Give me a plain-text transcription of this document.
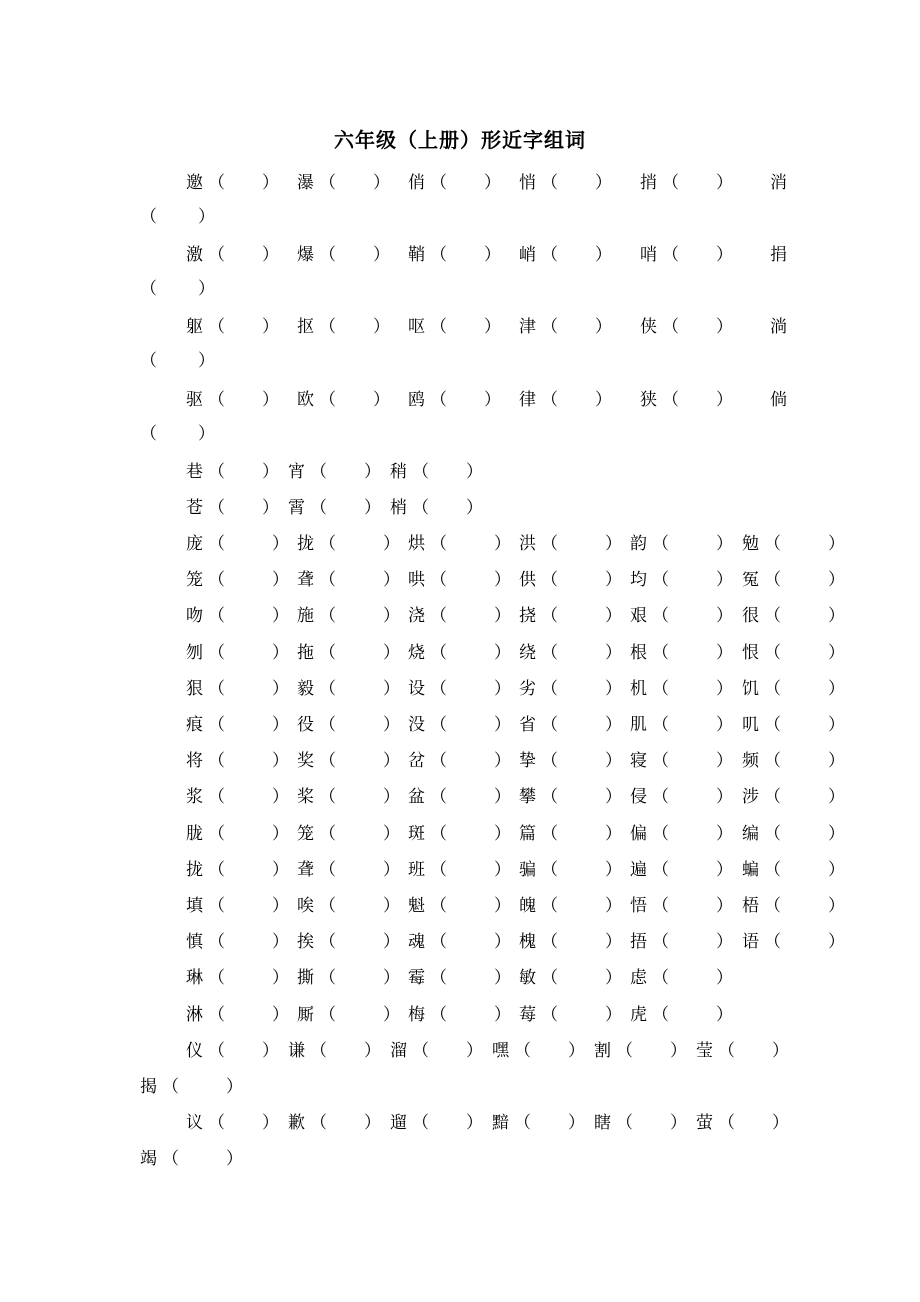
六年级（上册）形近字组词
邀 （ ） 瀑 （ ） 俏 （ ） 悄 （ ） 捎 （ ） 消
（ ）
激 （ ） 爆 （ ） 鞘 （ ） 峭 （ ） 哨 （ ） 捐
（ ）
躯 （ ） 抠 （ ） 呕 （ ） 津 （ ） 侠 （ ） 淌
（ ）
驱 （ ） 欧 （ ） 鸥 （ ） 律 （ ） 狭 （ ） 倘
（ ）
巷 （ ） 宵 （ ） 稍 （ ）
苍 （ ） 霄 （ ） 梢 （ ）
庞 （	） 拢 （	） 烘 （	） 洪 （	） 韵 （	） 勉 （	）
笼 （	） 聋 （	） 哄 （	） 供 （	） 均 （	） 冤 （	）
吻 （	） 施 （	） 浇 （	） 挠 （	） 艰 （	） 很 （	）
刎 （	） 拖 （	） 烧 （	） 绕 （	） 根 （	） 恨 （	）
狠 （	） 毅 （	） 设 （	） 劣 （	） 机 （	） 饥 （	）
痕 （	） 役 （	） 没 （	） 省 （	） 肌 （	） 叽 （	）
将 （	） 奖 （	） 岔 （	） 挚 （	） 寝 （	） 频 （	）
浆 （	） 桨 （	） 盆 （	） 攀 （	） 侵 （	） 涉 （	）
胧 （	） 笼 （	） 斑 （	） 篇 （	） 偏 （	） 编 （	）
拢 （	） 聋 （	） 班 （	） 骗 （	） 遍 （	） 蝙 （	）
填 （	） 唉 （	） 魁 （	） 魄 （	） 悟 （	） 梧 （	）
慎 （	） 挨 （	） 魂 （	） 槐 （	） 捂 （	） 语 （	）
琳 （	） 撕 （	） 霉 （	） 敏 （	） 虑 （	）
淋 （	） 厮 （	） 梅 （	） 莓 （	） 虎 （	）
仪 （ ） 谦 （ ） 溜 （ ） 嘿 （ ） 割 （ ） 莹 （ ）
揭 （	）
议 （ ） 歉 （ ） 遛 （ ） 黯 （ ） 瞎 （ ） 萤 （ ）
竭 （	）
